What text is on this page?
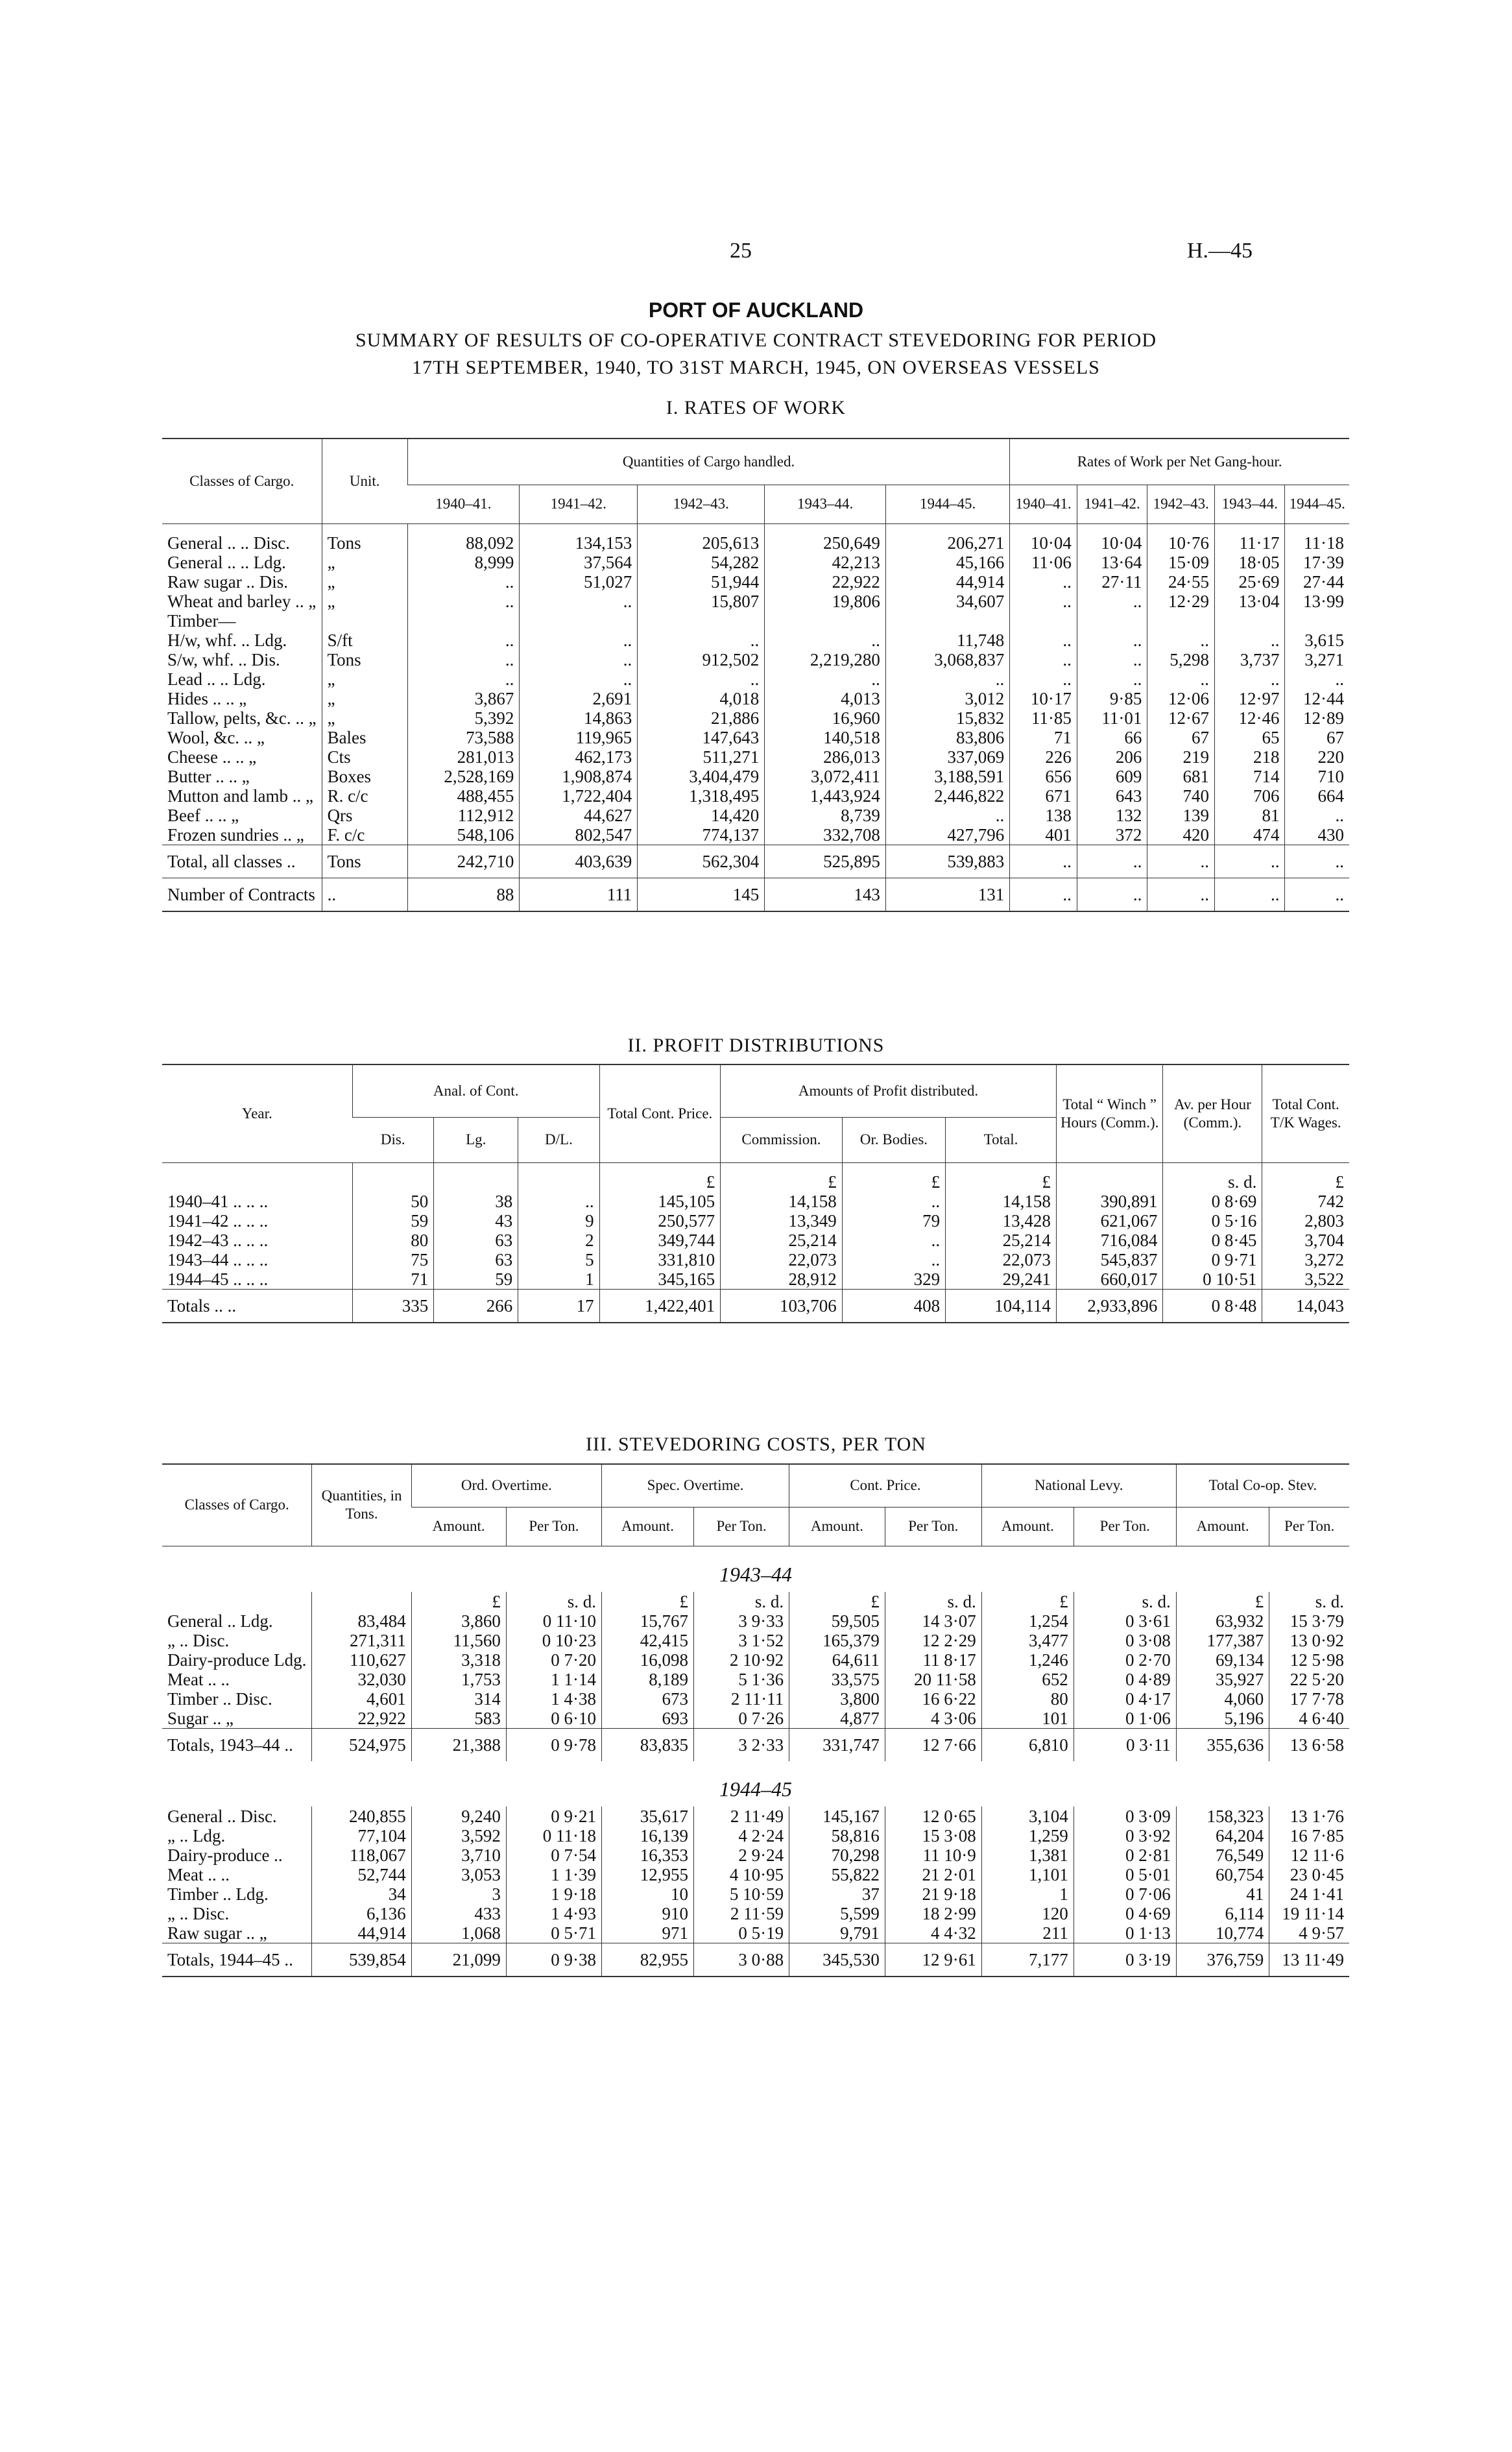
25	H.—45
PORT OF AUCKLAND
SUMMARY OF RESULTS OF CO-OPERATIVE CONTRACT STEVEDORING FOR PERIOD
17TH SEPTEMBER, 1940, TO 31ST MARCH, 1945, ON OVERSEAS VESSELS
I. RATES OF WORK
Classes of Cargo.	Unit.	Quantities of Cargo handled.					Rates of Work per Net Gang-hour.				
		1940–41.	1941–42.	1942–43.	1943–44.	1944–45.	1940–41.	1941–42.	1942–43.	1943–44.	1944–45.
General .. .. Disc.	Tons	88,092	134,153	205,613	250,649	206,271	10·04	10·04	10·76	11·17	11·18
General .. .. Ldg.	„	8,999	37,564	54,282	42,213	45,166	11·06	13·64	15·09	18·05	17·39
Raw sugar .. Dis.	„	..	51,027	51,944	22,922	44,914	..	27·11	24·55	25·69	27·44
Wheat and barley .. „	„	..	..	15,807	19,806	34,607	..	..	12·29	13·04	13·99
Timber—											
H/w, whf. .. Ldg.	S/ft	..	..	..	..	11,748	..	..	..	..	3,615
S/w, whf. .. Dis.	Tons	..	..	912,502	2,219,280	3,068,837	..	..	5,298	3,737	3,271
Lead .. .. Ldg.	„	..	..	..	..	..	..	..	..	..	..
Hides .. .. „	„	3,867	2,691	4,018	4,013	3,012	10·17	9·85	12·06	12·97	12·44
Tallow, pelts, &c. .. „	„	5,392	14,863	21,886	16,960	15,832	11·85	11·01	12·67	12·46	12·89
Wool, &c. .. „	Bales	73,588	119,965	147,643	140,518	83,806	71	66	67	65	67
Cheese .. .. „	Cts	281,013	462,173	511,271	286,013	337,069	226	206	219	218	220
Butter .. .. „	Boxes	2,528,169	1,908,874	3,404,479	3,072,411	3,188,591	656	609	681	714	710
Mutton and lamb .. „	R. c/c	488,455	1,722,404	1,318,495	1,443,924	2,446,822	671	643	740	706	664
Beef .. .. „	Qrs	112,912	44,627	14,420	8,739	..	138	132	139	81	..
Frozen sundries .. „	F. c/c	548,106	802,547	774,137	332,708	427,796	401	372	420	474	430
Total, all classes ..	Tons	242,710	403,639	562,304	525,895	539,883	..	..	..	..	..
Number of Contracts	..	88	111	145	143	131	..	..	..	..	..
II. PROFIT DISTRIBUTIONS
Year.	Anal. of Cont.			Total Cont. Price.	Amounts of Profit distributed.			Total “ Winch ” Hours (Comm.).	Av. per Hour (Comm.).	Total Cont. T/K Wages.
	Dis.	Lg.	D/L.		Commission.	Or. Bodies.	Total.			
				£	£	£	£		s. d.	£
1940–41 .. .. ..	50	38	..	145,105	14,158	..	14,158	390,891	0 8·69	742
1941–42 .. .. ..	59	43	9	250,577	13,349	79	13,428	621,067	0 5·16	2,803
1942–43 .. .. ..	80	63	2	349,744	25,214	..	25,214	716,084	0 8·45	3,704
1943–44 .. .. ..	75	63	5	331,810	22,073	..	22,073	545,837	0 9·71	3,272
1944–45 .. .. ..	71	59	1	345,165	28,912	329	29,241	660,017	0 10·51	3,522
Totals .. ..	335	266	17	1,422,401	103,706	408	104,114	2,933,896	0 8·48	14,043
III. STEVEDORING COSTS, PER TON
Classes of Cargo.	Quantities, in Tons.	Ord. Overtime.		Spec. Overtime.		Cont. Price.		National Levy.		Total Co-op. Stev.	
		Amount.	Per Ton.	Amount.	Per Ton.	Amount.	Per Ton.	Amount.	Per Ton.	Amount.	Per Ton.
1943–44											
		£	s. d.	£	s. d.	£	s. d.	£	s. d.	£	s. d.
General .. Ldg.	83,484	3,860	0 11·10	15,767	3 9·33	59,505	14 3·07	1,254	0 3·61	63,932	15 3·79
„ .. Disc.	271,311	11,560	0 10·23	42,415	3 1·52	165,379	12 2·29	3,477	0 3·08	177,387	13 0·92
Dairy-produce Ldg.	110,627	3,318	0 7·20	16,098	2 10·92	64,611	11 8·17	1,246	0 2·70	69,134	12 5·98
Meat .. ..	32,030	1,753	1 1·14	8,189	5 1·36	33,575	20 11·58	652	0 4·89	35,927	22 5·20
Timber .. Disc.	4,601	314	1 4·38	673	2 11·11	3,800	16 6·22	80	0 4·17	4,060	17 7·78
Sugar .. „	22,922	583	0 6·10	693	0 7·26	4,877	4 3·06	101	0 1·06	5,196	4 6·40
Totals, 1943–44 ..	524,975	21,388	0 9·78	83,835	3 2·33	331,747	12 7·66	6,810	0 3·11	355,636	13 6·58
1944–45											
General .. Disc.	240,855	9,240	0 9·21	35,617	2 11·49	145,167	12 0·65	3,104	0 3·09	158,323	13 1·76
„ .. Ldg.	77,104	3,592	0 11·18	16,139	4 2·24	58,816	15 3·08	1,259	0 3·92	64,204	16 7·85
Dairy-produce ..	118,067	3,710	0 7·54	16,353	2 9·24	70,298	11 10·9	1,381	0 2·81	76,549	12 11·6
Meat .. ..	52,744	3,053	1 1·39	12,955	4 10·95	55,822	21 2·01	1,101	0 5·01	60,754	23 0·45
Timber .. Ldg.	34	3	1 9·18	10	5 10·59	37	21 9·18	1	0 7·06	41	24 1·41
„ .. Disc.	6,136	433	1 4·93	910	2 11·59	5,599	18 2·99	120	0 4·69	6,114	19 11·14
Raw sugar .. „	44,914	1,068	0 5·71	971	0 5·19	9,791	4 4·32	211	0 1·13	10,774	4 9·57
Totals, 1944–45 ..	539,854	21,099	0 9·38	82,955	3 0·88	345,530	12 9·61	7,177	0 3·19	376,759	13 11·49
